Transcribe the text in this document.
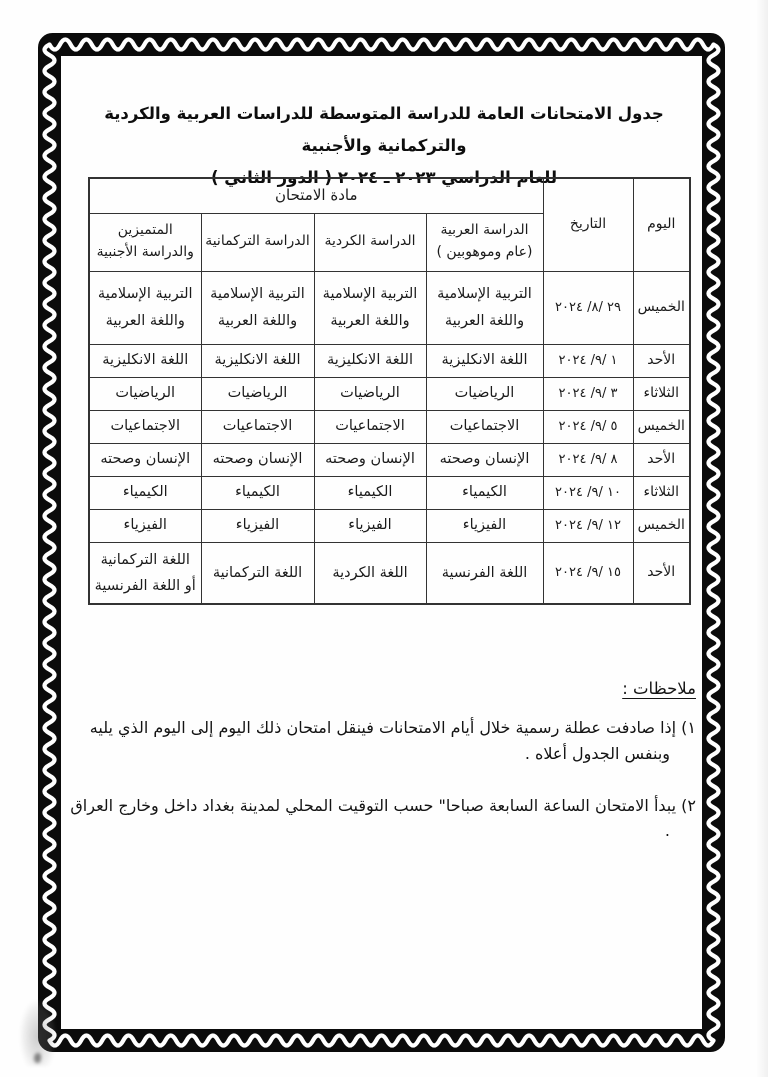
جدول الامتحانات العامة للدراسة المتوسطة للدراسات العربية والكردية والتركمانية والأجنبية
للعام الدراسي ٢٠٢٣ ـ ٢٠٢٤ ( الدور الثاني )
اليوم	التاريخ	مادة الامتحان			
		الدراسة العربية (عام وموهوبين )	الدراسة الكردية	الدراسة التركمانية	المتميزين والدراسة الأجنبية
الخميس	٢٩ /٨/ ٢٠٢٤	التربية الإسلامية واللغة العربية	التربية الإسلامية واللغة العربية	التربية الإسلامية واللغة العربية	التربية الإسلامية واللغة العربية
الأحد	١ /٩/ ٢٠٢٤	اللغة الانكليزية	اللغة الانكليزية	اللغة الانكليزية	اللغة الانكليزية
الثلاثاء	٣ /٩/ ٢٠٢٤	الرياضيات	الرياضيات	الرياضيات	الرياضيات
الخميس	٥ /٩/ ٢٠٢٤	الاجتماعيات	الاجتماعيات	الاجتماعيات	الاجتماعيات
الأحد	٨ /٩/ ٢٠٢٤	الإنسان وصحته	الإنسان وصحته	الإنسان وصحته	الإنسان وصحته
الثلاثاء	١٠ /٩/ ٢٠٢٤	الكيمياء	الكيمياء	الكيمياء	الكيمياء
الخميس	١٢ /٩/ ٢٠٢٤	الفيزياء	الفيزياء	الفيزياء	الفيزياء
الأحد	١٥ /٩/ ٢٠٢٤	اللغة الفرنسية	اللغة الكردية	اللغة التركمانية	اللغة التركمانية أو اللغة الفرنسية
ملاحظات :
١) إذا صادفت عطلة رسمية خلال أيام الامتحانات فينقل امتحان ذلك اليوم إلى اليوم الذي يليه وبنفس الجدول أعلاه .
٢) يبدأ الامتحان الساعة السابعة صباحا" حسب التوقيت المحلي لمدينة بغداد داخل وخارج العراق .
